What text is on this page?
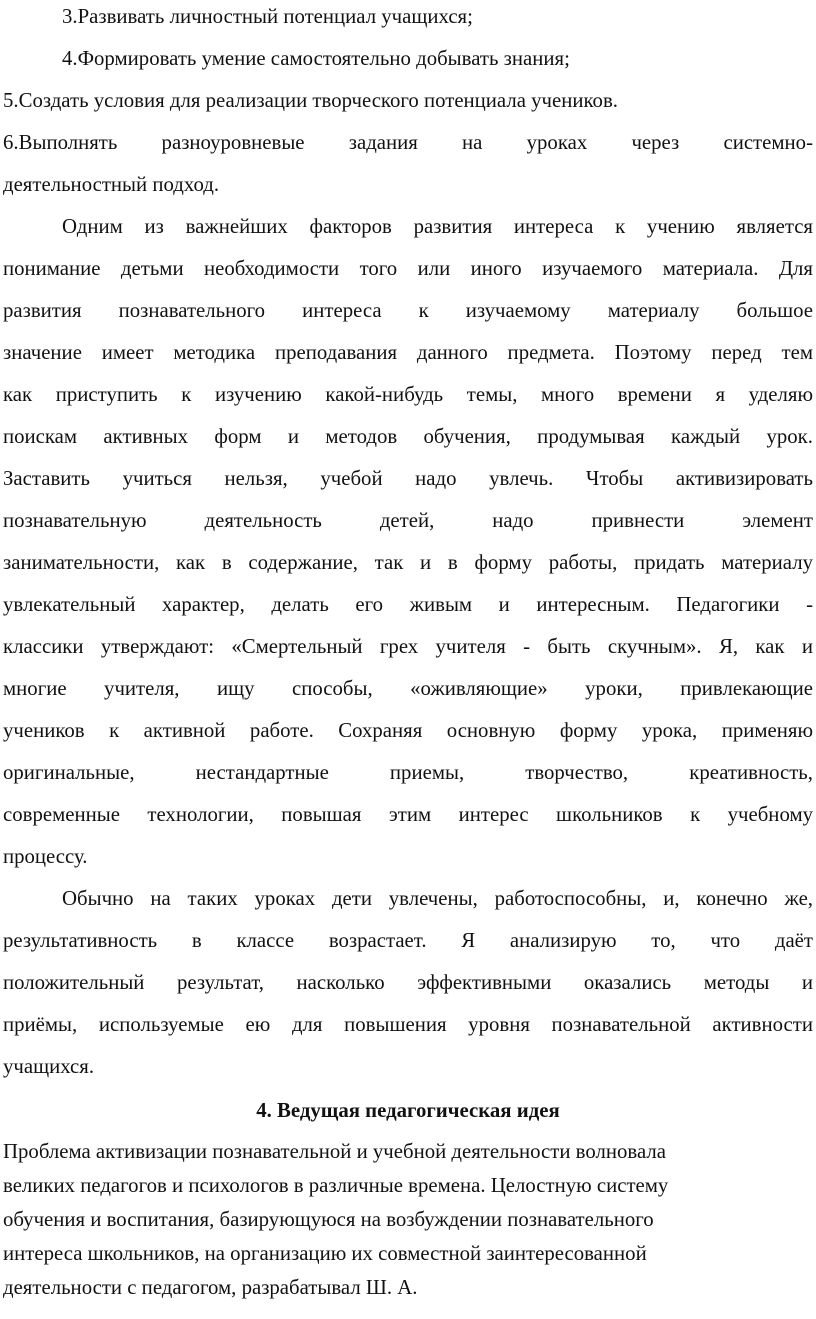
3.Развивать личностный потенциал учащихся;
4.Формировать умение самостоятельно добывать знания;
5.Создать условия для реализации творческого потенциала учеников.
6.Выполнять разноуровневые задания на уроках через системно-
деятельностный подход.
Одним из важнейших факторов развития интереса к учению является
понимание детьми необходимости того или иного изучаемого материала. Для
развития познавательного интереса к изучаемому материалу большое
значение имеет методика преподавания данного предмета. Поэтому перед тем
как приступить к изучению какой-нибудь темы, много времени я уделяю
поискам активных форм и методов обучения, продумывая каждый урок.
Заставить учиться нельзя, учебой надо увлечь. Чтобы активизировать
познавательную деятельность детей, надо привнести элемент
занимательности, как в содержание, так и в форму работы, придать материалу
увлекательный характер, делать его живым и интересным. Педагогики -
классики утверждают: «Смертельный грех учителя - быть скучным». Я, как и
многие учителя, ищу способы, «оживляющие» уроки, привлекающие
учеников к активной работе. Сохраняя основную форму урока, применяю
оригинальные, нестандартные приемы, творчество, креативность,
современные технологии, повышая этим интерес школьников к учебному
процессу.
Обычно на таких уроках дети увлечены, работоспособны, и, конечно же,
результативность в классе возрастает. Я анализирую то, что даёт
положительный результат, насколько эффективными оказались методы и
приёмы, используемые ею для повышения уровня познавательной активности
учащихся.
4. Ведущая педагогическая идея
Проблема активизации познавательной и учебной деятельности волновала
великих педагогов и психологов в различные времена. Целостную систему
обучения и воспитания, базирующуюся на возбуждении познавательного
интереса школьников, на организацию их совместной заинтересованной
деятельности с педагогом, разрабатывал Ш. А.
